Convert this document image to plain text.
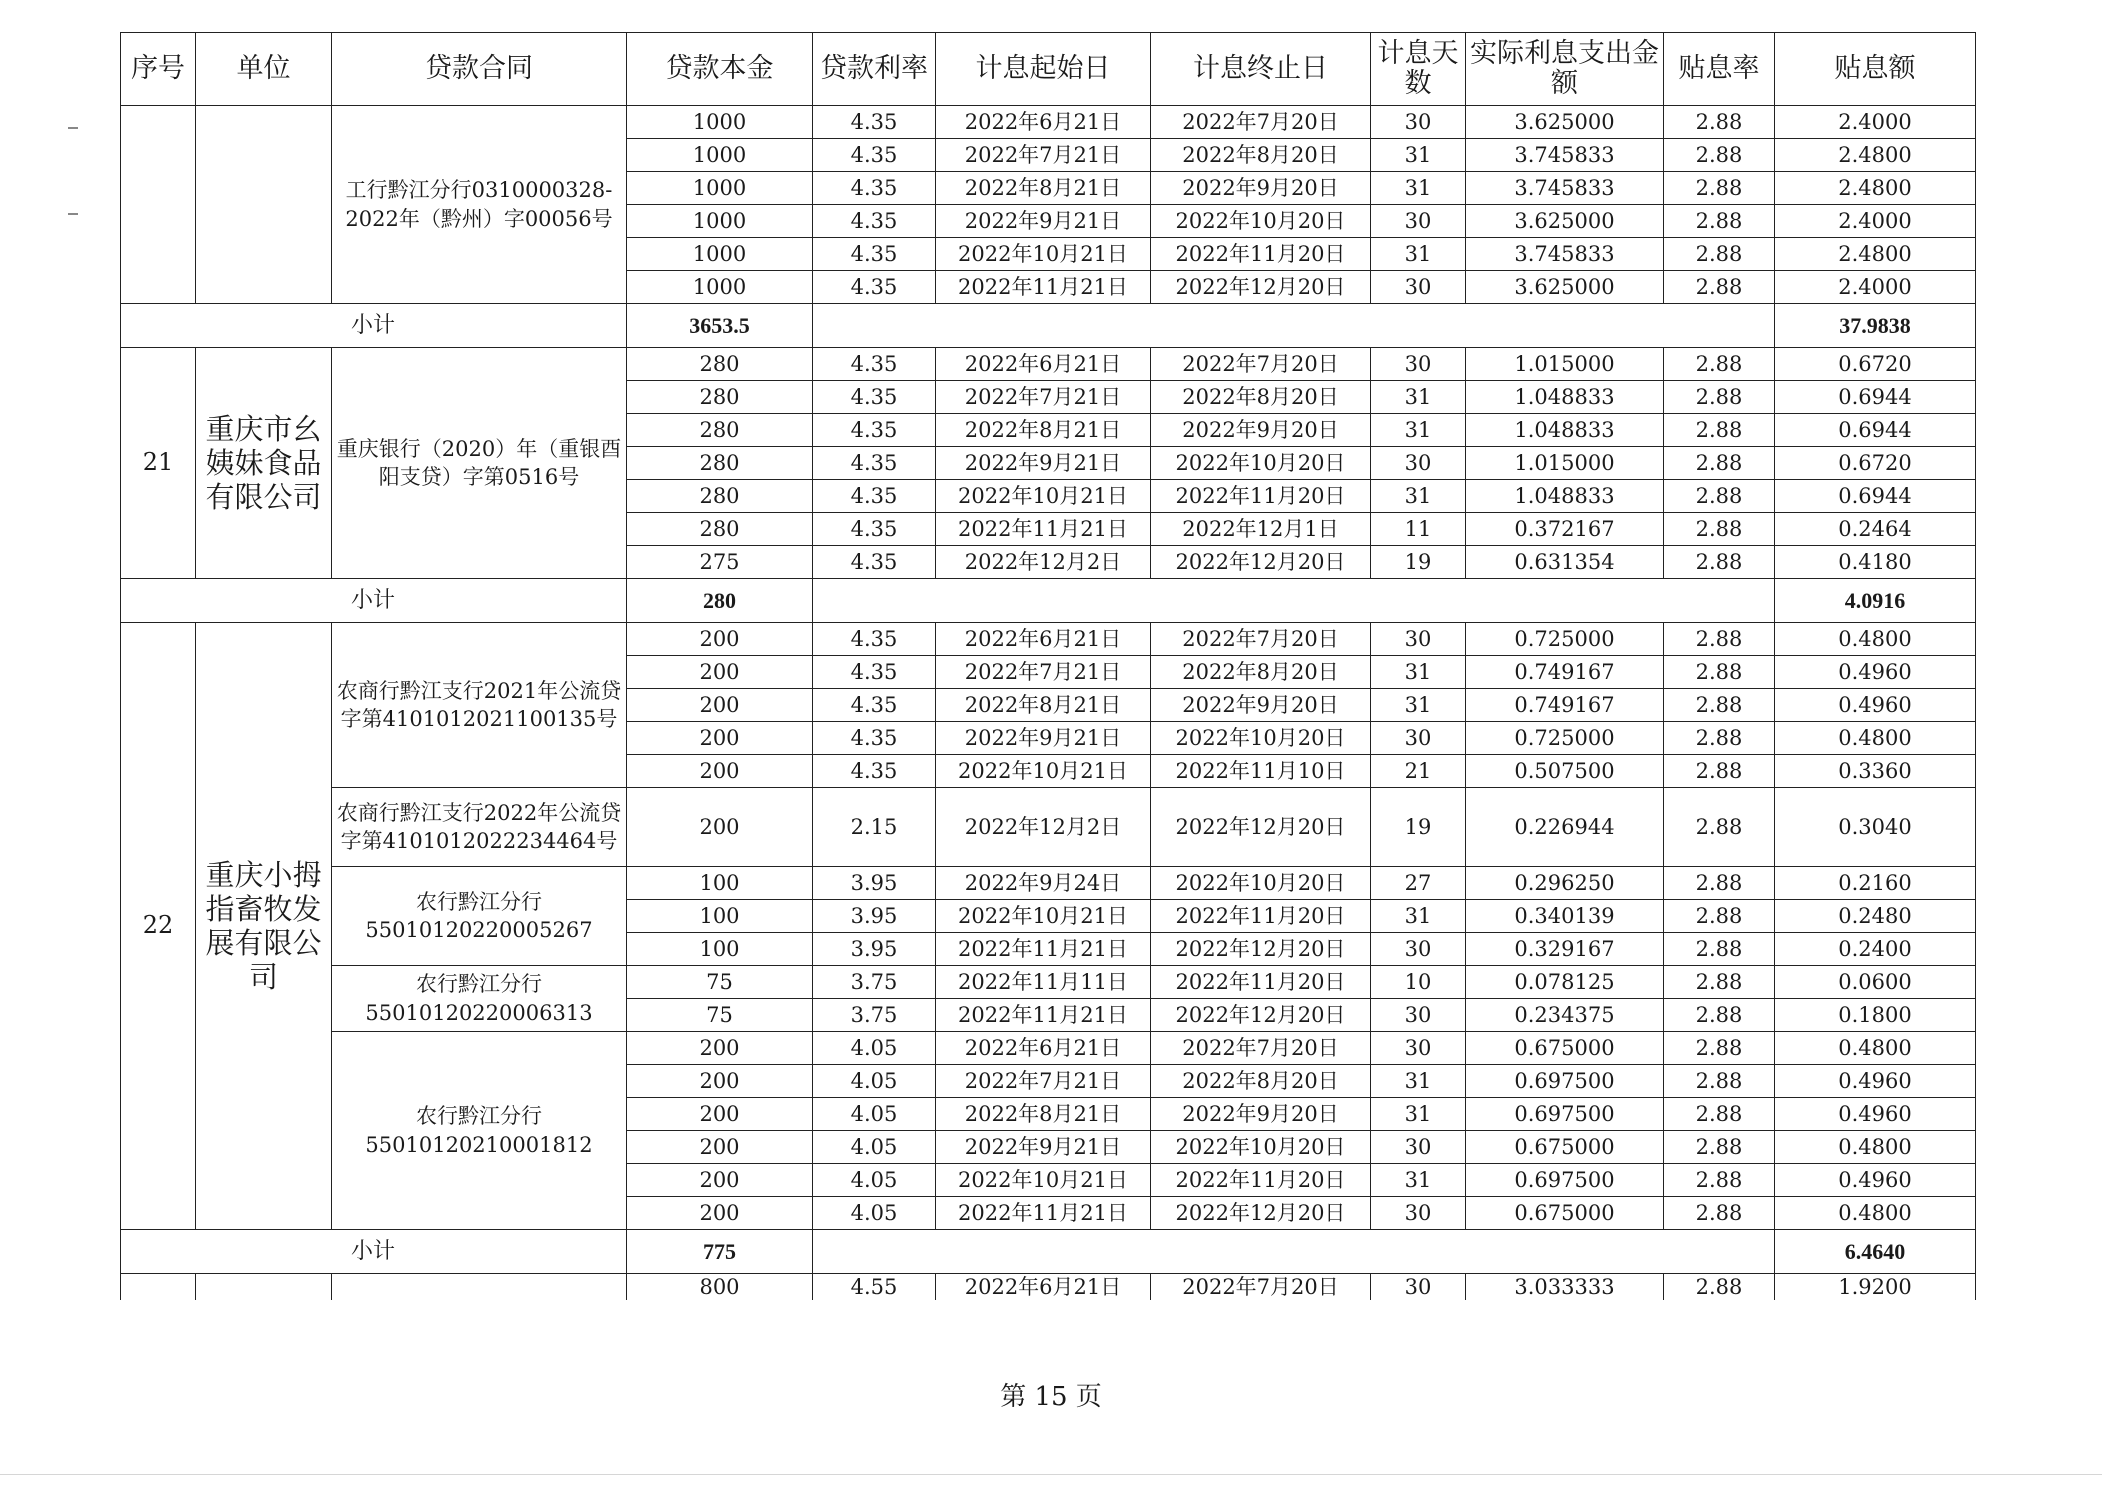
序号	单位	贷款合同	贷款本金	贷款利率	计息起始日	计息终止日	计息天数	实际利息支出金额	贴息率	贴息额
		工行黔江分行0310000328-2022年（黔州）字00056号	1000	4.35	2022年6月21日	2022年7月20日	30	3.625000	2.88	2.4000
			1000	4.35	2022年7月21日	2022年8月20日	31	3.745833	2.88	2.4800
			1000	4.35	2022年8月21日	2022年9月20日	31	3.745833	2.88	2.4800
			1000	4.35	2022年9月21日	2022年10月20日	30	3.625000	2.88	2.4000
			1000	4.35	2022年10月21日	2022年11月20日	31	3.745833	2.88	2.4800
			1000	4.35	2022年11月21日	2022年12月20日	30	3.625000	2.88	2.4000
小计			3653.5							37.9838
21	重庆市幺姨妹食品有限公司	重庆银行（2020）年（重银酉阳支贷）字第0516号	280	4.35	2022年6月21日	2022年7月20日	30	1.015000	2.88	0.6720
			280	4.35	2022年7月21日	2022年8月20日	31	1.048833	2.88	0.6944
			280	4.35	2022年8月21日	2022年9月20日	31	1.048833	2.88	0.6944
			280	4.35	2022年9月21日	2022年10月20日	30	1.015000	2.88	0.6720
			280	4.35	2022年10月21日	2022年11月20日	31	1.048833	2.88	0.6944
			280	4.35	2022年11月21日	2022年12月1日	11	0.372167	2.88	0.2464
			275	4.35	2022年12月2日	2022年12月20日	19	0.631354	2.88	0.4180
小计			280							4.0916
22	重庆小拇指畜牧发展有限公司	农商行黔江支行2021年公流贷字第410101202110013​5号	200	4.35	2022年6月21日	2022年7月20日	30	0.725000	2.88	0.4800
			200	4.35	2022年7月21日	2022年8月20日	31	0.749167	2.88	0.4960
			200	4.35	2022年8月21日	2022年9月20日	31	0.749167	2.88	0.4960
			200	4.35	2022年9月21日	2022年10月20日	30	0.725000	2.88	0.4800
			200	4.35	2022年10月21日	2022年11月10日	21	0.507500	2.88	0.3360
		农商行黔江支行2022年公流贷字第4101012022234464号	200	2.15	2022年12月2日	2022年12月20日	19	0.226944	2.88	0.3040
		农行黔江分行55010120220005267	100	3.95	2022年9月24日	2022年10月20日	27	0.296250	2.88	0.2160
			100	3.95	2022年10月21日	2022年11月20日	31	0.340139	2.88	0.2480
			100	3.95	2022年11月21日	2022年12月20日	30	0.329167	2.88	0.2400
		农行黔江分行55010120220006313	75	3.75	2022年11月11日	2022年11月20日	10	0.078125	2.88	0.0600
			75	3.75	2022年11月21日	2022年12月20日	30	0.234375	2.88	0.1800
		农行黔江分行55010120210001812	200	4.05	2022年6月21日	2022年7月20日	30	0.675000	2.88	0.4800
			200	4.05	2022年7月21日	2022年8月20日	31	0.697500	2.88	0.4960
			200	4.05	2022年8月21日	2022年9月20日	31	0.697500	2.88	0.4960
			200	4.05	2022年9月21日	2022年10月20日	30	0.675000	2.88	0.4800
			200	4.05	2022年10月21日	2022年11月20日	31	0.697500	2.88	0.4960
			200	4.05	2022年11月21日	2022年12月20日	30	0.675000	2.88	0.4800
小计			775							6.4640
			800	4.55	2022年6月21日	2022年7月20日	30	3.033333	2.88	1.9200
第 15 页
